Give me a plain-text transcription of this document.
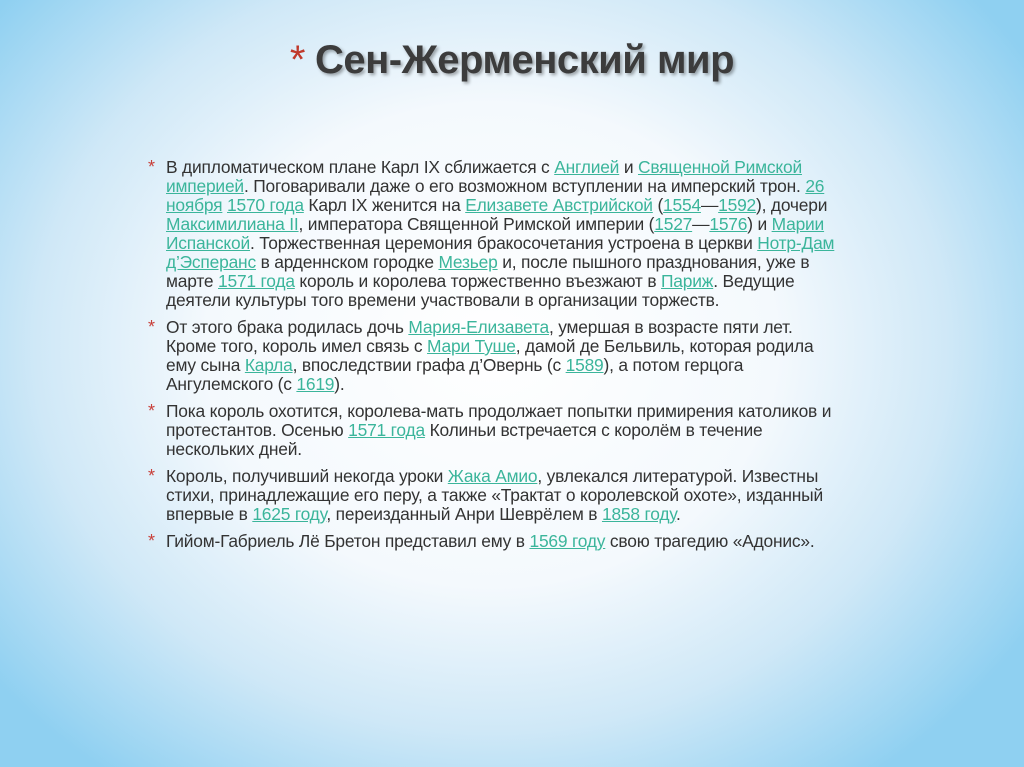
* Сен-Жерменский мир
* В дипломатическом плане Карл IX сближается с Англией и Священной Римской империей. Поговаривали даже о его возможном вступлении на имперский трон. 26 ноября 1570 года Карл IX женится на Елизавете Австрийской (1554—1592), дочери Максимилиана II, императора Священной Римской империи (1527—1576) и Марии Испанской. Торжественная церемония бракосочетания устроена в церкви Нотр-Дам д’Эсперанс в арденнском городке Мезьер и, после пышного празднования, уже в марте 1571 года король и королева торжественно въезжают в Париж. Ведущие деятели культуры того времени участвовали в организации торжеств.
* От этого брака родилась дочь Мария-Елизавета, умершая в возрасте пяти лет. Кроме того, король имел связь с Мари Туше, дамой де Бельвиль, которая родила ему сына Карла, впоследствии графа д’Овернь (с 1589), а потом герцога Ангулемского (с 1619).
* Пока король охотится, королева-мать продолжает попытки примирения католиков и протестантов. Осенью 1571 года Колиньи встречается с королём в течение нескольких дней.
* Король, получивший некогда уроки Жака Амио, увлекался литературой. Известны стихи, принадлежащие его перу, а также «Трактат о королевской охоте», изданный впервые в 1625 году, переизданный Анри Шеврёлем в 1858 году.
* Гийом-Габриель Лё Бретон представил ему в 1569 году свою трагедию «Адонис».
